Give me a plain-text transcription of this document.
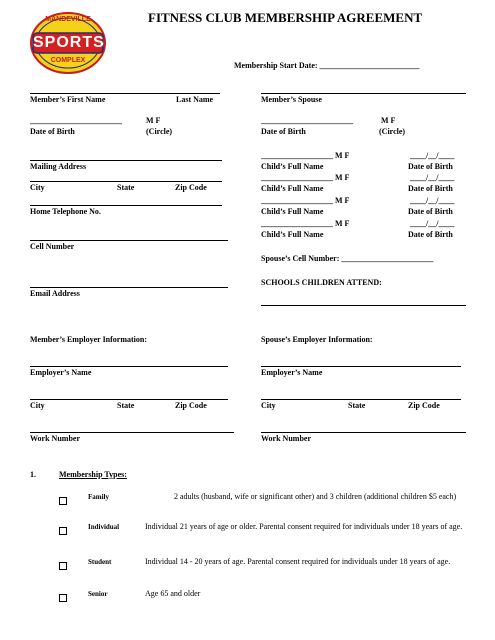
MANDEVILLE
SPORTS
COMPLEX
FITNESS CLUB MEMBERSHIP AGREEMENT
Membership Start Date: _________________________
Member’s First Name	Last Name
_______________________	M F
Date of Birth	(Circle)
Mailing Address
City	State	Zip Code
Home Telephone No.
Cell Number
Email Address
Member’s Spouse
_______________________	M F
Date of Birth	(Circle)
__________________ M F	____/__/____
Child’s Full Name	Date of Birth
__________________ M F	____/__/____
Child’s Full Name	Date of Birth
__________________ M F	____/__/____
Child’s Full Name	Date of Birth
__________________ M F	____/__/____
Child’s Full Name	Date of Birth
Spouse’s Cell Number: _______________________
SCHOOLS CHILDREN ATTEND:
Member’s Employer Information:	Spouse’s Employer Information:
Employer’s Name	Employer’s Name
City	State	Zip Code	City	State	Zip Code
Work Number	Work Number
1.	Membership Types:
Family	2 adults (husband, wife or significant other) and 3 children (additional children $5 each)
Individual	Individual 21 years of age or older. Parental consent required for individuals under 18 years of age.
Student	Individual 14 - 20 years of age. Parental consent required for individuals under 18 years of age.
Senior	Age 65 and older
